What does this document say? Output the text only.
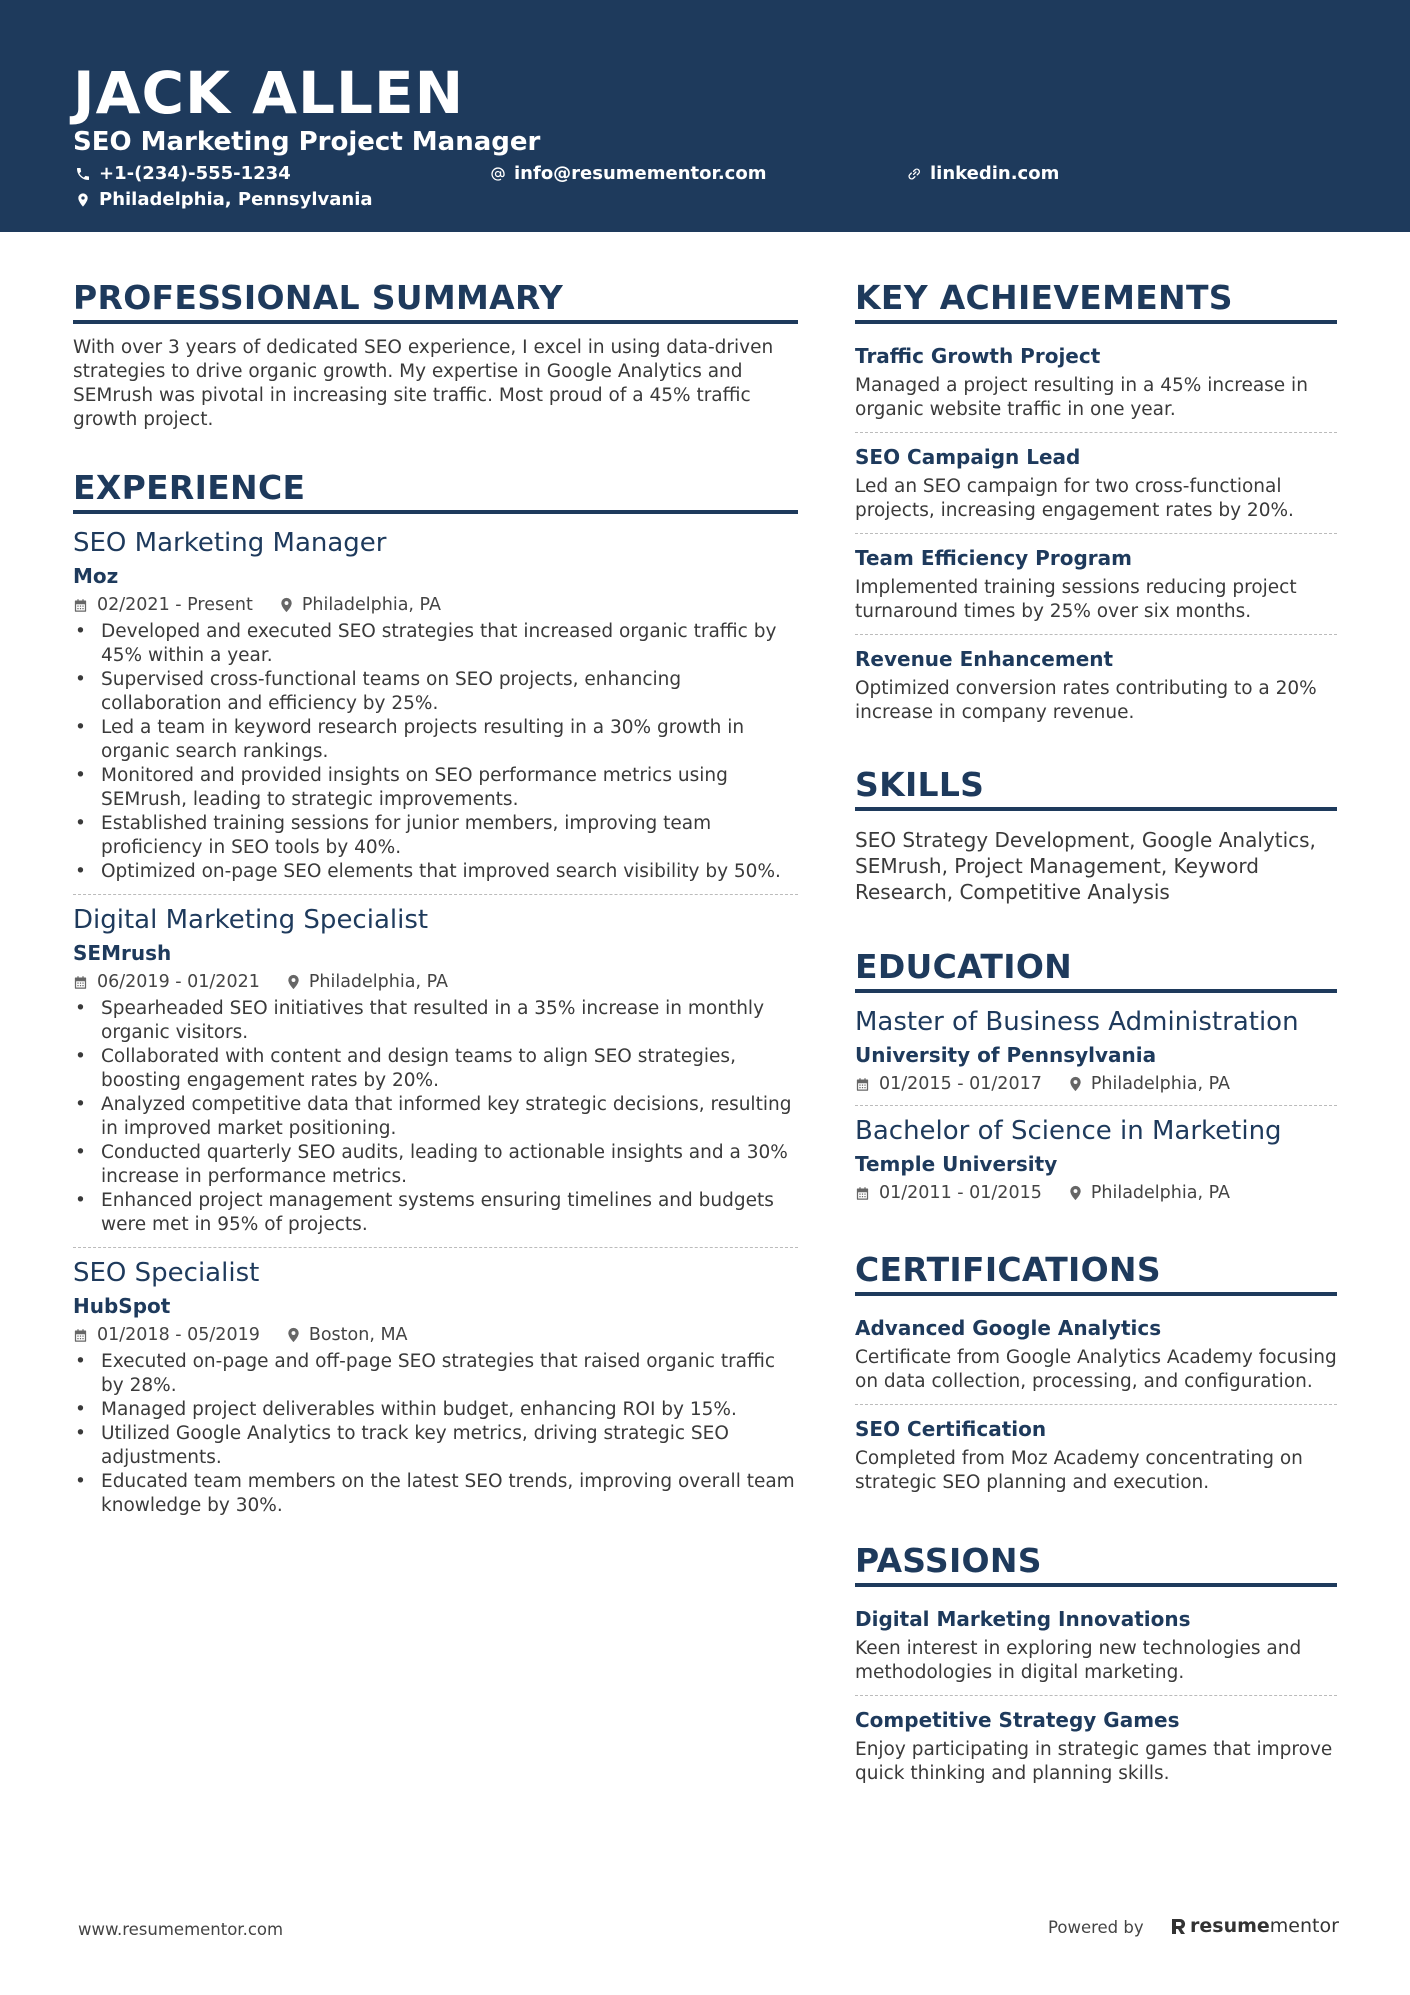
JACK ALLEN
SEO Marketing Project Manager
+1-(234)-555-1234	info@resumementor.com	linkedin.com
Philadelphia, Pennsylvania
PROFESSIONAL SUMMARY
With over 3 years of dedicated SEO experience, I excel in using data-driven strategies to drive organic growth. My expertise in Google Analytics and SEMrush was pivotal in increasing site traffic. Most proud of a 45% traffic growth project.
EXPERIENCE
SEO Marketing Manager
Moz
02/2021 - Present	Philadelphia, PA
• Developed and executed SEO strategies that increased organic traffic by 45% within a year.
• Supervised cross-functional teams on SEO projects, enhancing collaboration and efficiency by 25%.
• Led a team in keyword research projects resulting in a 30% growth in organic search rankings.
• Monitored and provided insights on SEO performance metrics using SEMrush, leading to strategic improvements.
• Established training sessions for junior members, improving team proficiency in SEO tools by 40%.
• Optimized on-page SEO elements that improved search visibility by 50%.
Digital Marketing Specialist
SEMrush
06/2019 - 01/2021	Philadelphia, PA
• Spearheaded SEO initiatives that resulted in a 35% increase in monthly organic visitors.
• Collaborated with content and design teams to align SEO strategies, boosting engagement rates by 20%.
• Analyzed competitive data that informed key strategic decisions, resulting in improved market positioning.
• Conducted quarterly SEO audits, leading to actionable insights and a 30% increase in performance metrics.
• Enhanced project management systems ensuring timelines and budgets were met in 95% of projects.
SEO Specialist
HubSpot
01/2018 - 05/2019	Boston, MA
• Executed on-page and off-page SEO strategies that raised organic traffic by 28%.
• Managed project deliverables within budget, enhancing ROI by 15%.
• Utilized Google Analytics to track key metrics, driving strategic SEO adjustments.
• Educated team members on the latest SEO trends, improving overall team knowledge by 30%.
KEY ACHIEVEMENTS
Traffic Growth Project
Managed a project resulting in a 45% increase in organic website traffic in one year.
SEO Campaign Lead
Led an SEO campaign for two cross-functional projects, increasing engagement rates by 20%.
Team Efficiency Program
Implemented training sessions reducing project turnaround times by 25% over six months.
Revenue Enhancement
Optimized conversion rates contributing to a 20% increase in company revenue.
SKILLS
SEO Strategy Development, Google Analytics, SEMrush, Project Management, Keyword Research, Competitive Analysis
EDUCATION
Master of Business Administration
University of Pennsylvania
01/2015 - 01/2017	Philadelphia, PA
Bachelor of Science in Marketing
Temple University
01/2011 - 01/2015	Philadelphia, PA
CERTIFICATIONS
Advanced Google Analytics
Certificate from Google Analytics Academy focusing on data collection, processing, and configuration.
SEO Certification
Completed from Moz Academy concentrating on strategic SEO planning and execution.
PASSIONS
Digital Marketing Innovations
Keen interest in exploring new technologies and methodologies in digital marketing.
Competitive Strategy Games
Enjoy participating in strategic games that improve quick thinking and planning skills.
www.resumementor.com	Powered by resume mentor
